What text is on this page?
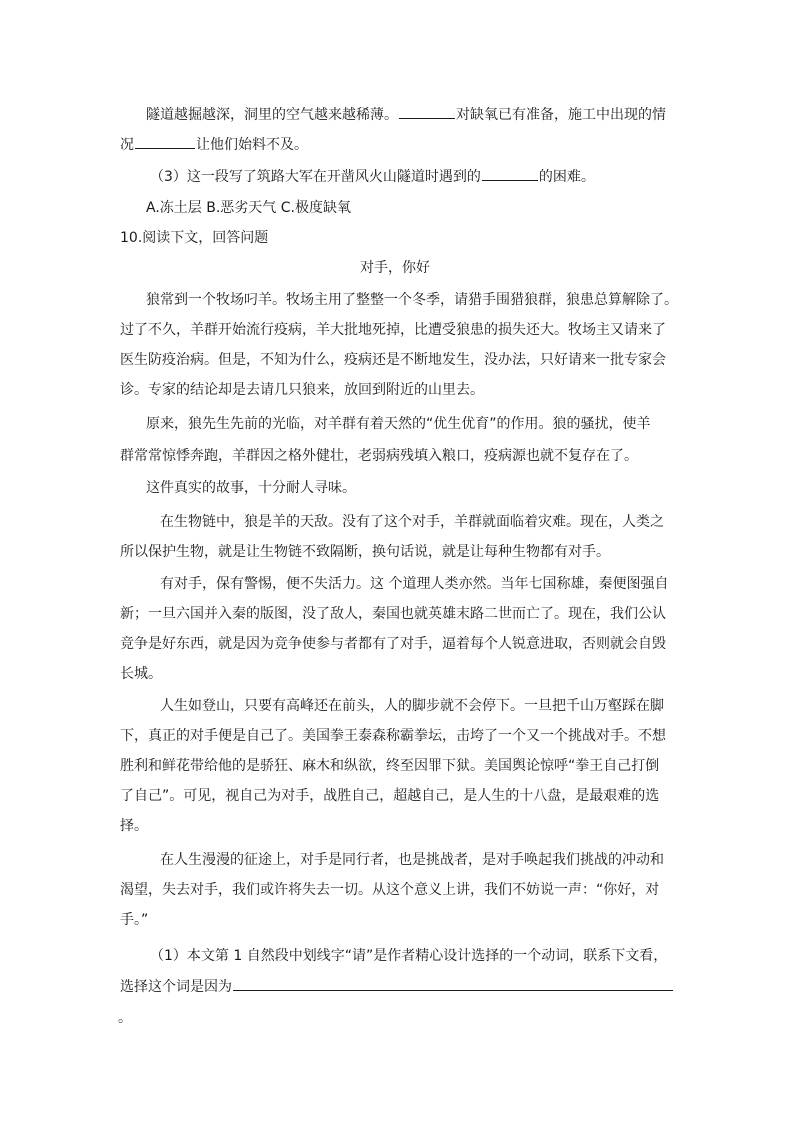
隧道越掘越深，洞里的空气越来越稀薄。	对缺氧已有准备，施工中出现的情
况	让他们始料不及。
（3）这一段写了筑路大军在开凿风火山隧道时遇到的	的困难。
A.冻土层 B.恶劣天气 C.极度缺氧
10.阅读下文，回答问题
对手，你好
狼常到一个牧场叼羊。牧场主用了整整一个冬季，请猎手围猎狼群，狼患总算解除了。
过了不久，羊群开始流行疫病，羊大批地死掉，比遭受狼患的损失还大。牧场主又请来了
医生防疫治病。但是，不知为什么，疫病还是不断地发生，没办法，只好请来一批专家会
诊。专家的结论却是去请几只狼来，放回到附近的山里去。
原来，狼先生先前的光临，对羊群有着天然的“优生优育”的作用。狼的骚扰，使羊
群常常惊悸奔跑，羊群因之格外健壮，老弱病残填入粮口，疫病源也就不复存在了。
这件真实的故事，十分耐人寻味。
在生物链中，狼是羊的天敌。没有了这个对手，羊群就面临着灾难。现在，人类之
所以保护生物，就是让生物链不致隔断，换句话说，就是让每种生物都有对手。
有对手，保有警惕，便不失活力。这 个道理人类亦然。当年七国称雄，秦便图强自
新；一旦六国并入秦的版图，没了敌人，秦国也就英雄末路二世而亡了。现在，我们公认
竞争是好东西，就是因为竞争使参与者都有了对手，逼着每个人锐意进取，否则就会自毁
长城。
人生如登山，只要有高峰还在前头，人的脚步就不会停下。一旦把千山万壑踩在脚
下，真正的对手便是自己了。美国拳王泰森称霸拳坛，击垮了一个又一个挑战对手。不想
胜利和鲜花带给他的是骄狂、麻木和纵欲，终至因罪下狱。美国舆论惊呼“拳王自己打倒
了自己”。可见，视自己为对手，战胜自己，超越自己，是人生的十八盘，是最艰难的选
择。
在人生漫漫的征途上，对手是同行者，也是挑战者，是对手唤起我们挑战的冲动和
渴望，失去对手，我们或许将失去一切。从这个意义上讲，我们不妨说一声：“你好，对
手。”
（1）本文第 1 自然段中划线字“请”是作者精心设计选择的一个动词，联系下文看，
选择这个词是因为
。
